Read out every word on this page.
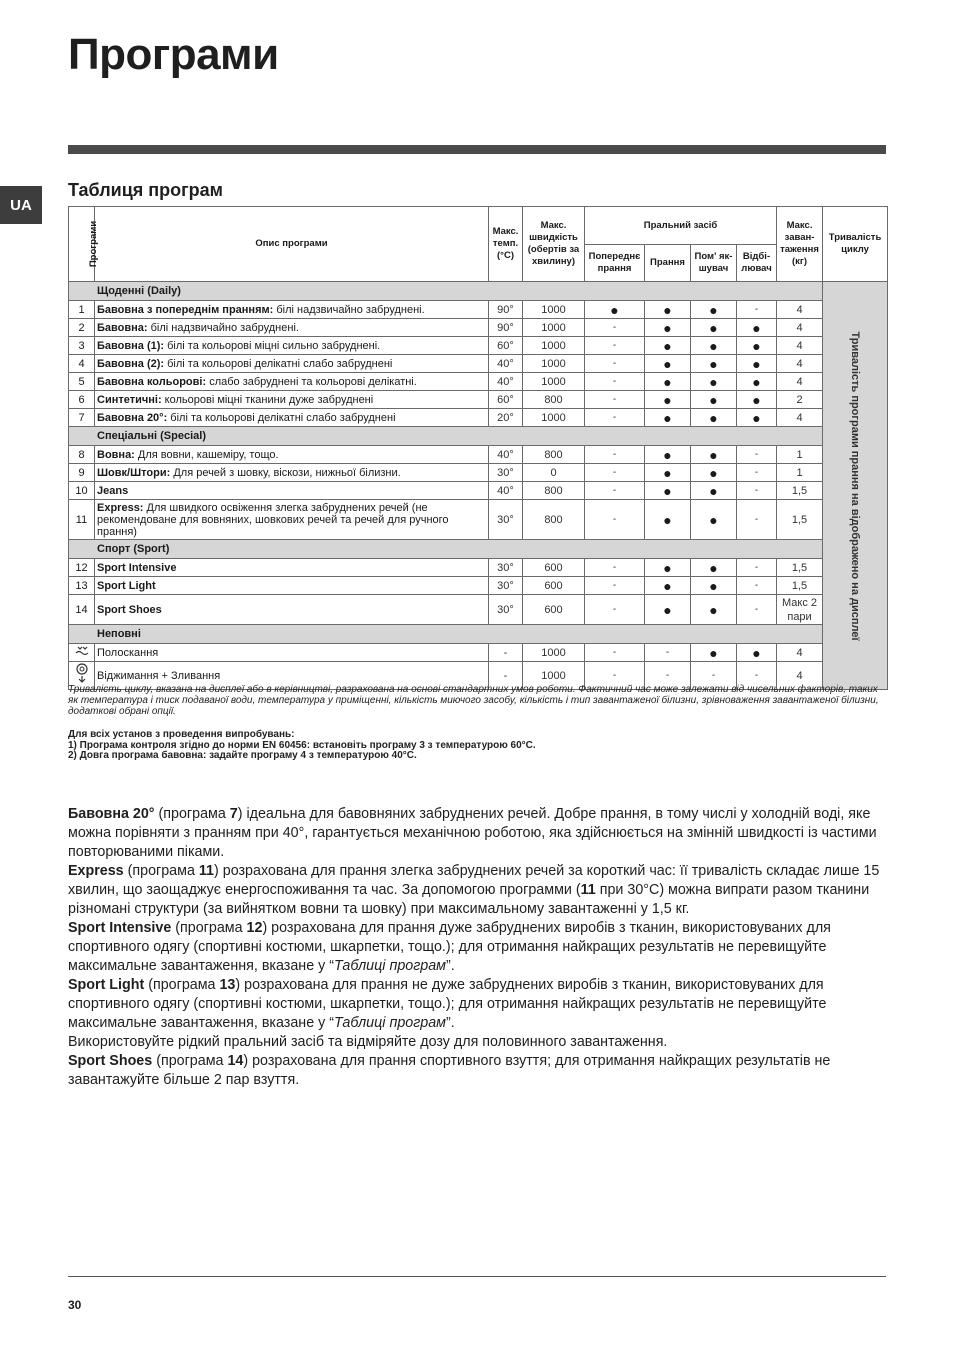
Програми
UA
Таблиця програм
Програми	Опис програми	Макс. темп. (°С)	Макс. швидкість (обертів за хвилину)	Пральний засіб				Макс. заван-таження (кг)	Тривалість циклу
				Попереднє прання	Прання	Пом' як-шувач	Відбі-лювач		
Щоденні (Daily)									Тривалість програми прання на відображено на дисплеї

1	Бавовна з попереднім пранням: білі надзвичайно забруднені.	90°	1000	●	●	●	-	4	
2	Бавовна: білі надзвичайно забруднені.	90°	1000	-	●	●	●	4	
3	Бавовна (1): білі та кольорові міцні сильно забруднені.	60°	1000	-	●	●	●	4	
4	Бавовна (2): білі та кольорові делікатні слабо забруднені	40°	1000	-	●	●	●	4	
5	Бавовна кольорові: слабо забруднені та кольорові делікатні.	40°	1000	-	●	●	●	4	
6	Синтетичні: кольорові міцні тканини дуже забруднені	60°	800	-	●	●	●	2	
7	Бавовна 20°: білі та кольорові делікатні слабо забруднені	20°	1000	-	●	●	●	4	
Спеціальні (Special)									
8	Вовна: Для вовни, кашеміру, тощо.	40°	800	-	●	●	-	1	
9	Шовк/Штори: Для речей з шовку, віскози, нижньої білизни.	30°	0	-	●	●	-	1	
10	Jeans	40°	800	-	●	●	-	1,5	
11	Express: Для швидкого освіження злегка забруднених речей (не рекомендоване для вовняних, шовкових речей та речей для ручного прання)	30°	800	-	●	●	-	1,5	
Спорт (Sport)									
12	Sport Intensive	30°	600	-	●	●	-	1,5	
13	Sport Light	30°	600	-	●	●	-	1,5	
14	Sport Shoes	30°	600	-	●	●	-	Макс 2 пари	
Неповні									
	Полоскання	-	1000	-	-	●	●	4	
	Віджимання + Зливання	-	1000	-	-	-	-	4	

Тривалість циклу, вказана на дисплеї або в керівництві, разрахована на основі стандартних умов роботи. Фактичний час може залежати від чисельних факторів, таких як температура і тиск подаваної води, температура у приміщенні, кількість миючого засобу, кількість і тип завантаженої білизни, зрівноваження завантаженої білизни, додаткові обрані опції.

Для всіх установ з проведення випробувань:
1) Програма контроля згідно до норми EN 60456: встановіть програму 3 з температурою 60°C.
2) Довга програма бавовна: задайте програму 4 з температурою 40°C.

Бавовна 20° (програма 7) ідеальна для бавовняних забруднених речей. Добре прання, в тому числі у холодній воді, яке можна порівняти з пранням при 40°, гарантується механічною роботою, яка здійснюється на змінній швидкості із частими повторюваними піками.

Express (програма 11) розрахована для прання злегка забруднених речей за короткий час: її тривалість складає лише 15 хвилин, що заощаджує енергоспоживання та час. За допомогою программи (11 при 30°C) можна випрати разом тканини різномані структури (за вийнятком вовни та шовку) при максимальному завантаженні у 1,5 кг.

Sport Intensive (програма 12) розрахована для прання дуже забруднених виробів з тканин, використовуваних для спортивного одягу (спортивні костюми, шкарпетки, тощо.); для отримання найкращих результатів не перевищуйте максимальне завантаження, вказане у “Таблиці програм”.

Sport Light (програма 13) розрахована для прання не дуже забруднених виробів з тканин, використовуваних для спортивного одягу (спортивні костюми, шкарпетки, тощо.); для отримання найкращих результатів не перевищуйте максимальне завантаження, вказане у “Таблиці програм”.

Використовуйте рідкий пральний засіб та відміряйте дозу для половинного завантаження.

Sport Shoes (програма 14) розрахована для прання спортивного взуття; для отримання найкращих результатів не завантажуйте більше 2 пар взуття.

30
